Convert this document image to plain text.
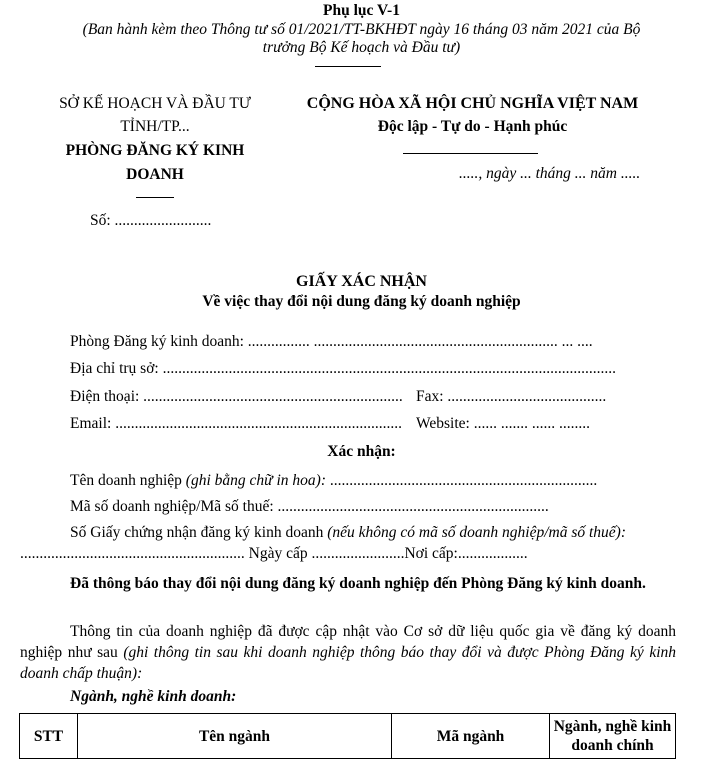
Phụ lục V-1
(Ban hành kèm theo Thông tư số 01/2021/TT-BKHĐT ngày 16 tháng 03 năm 2021 của Bộ
trưởng Bộ Kế hoạch và Đầu tư)
SỞ KẾ HOẠCH VÀ ĐẦU TƯ
TỈNH/TP...
PHÒNG ĐĂNG KÝ KINH
DOANH
Số: .........................
CỘNG HÒA XÃ HỘI CHỦ NGHĨA VIỆT NAM
Độc lập - Tự do - Hạnh phúc
....., ngày ... tháng ... năm .....
GIẤY XÁC NHẬN
Về việc thay đổi nội dung đăng ký doanh nghiệp
Phòng Đăng ký kinh doanh: ................ ............................................................... ... ....
Địa chỉ trụ sở: .....................................................................................................................
Điện thoại: ................................................................... Fax: .........................................
Email: .......................................................................... Website: ...... ....... ...... ........
Xác nhận:
Tên doanh nghiệp (ghi bằng chữ in hoa): .....................................................................
Mã số doanh nghiệp/Mã số thuế: ......................................................................
Số Giấy chứng nhận đăng ký kinh doanh (nếu không có mã số doanh nghiệp/mã số thuế):
.......................................................... Ngày cấp ........................Nơi cấp:..................
Đã thông báo thay đổi nội dung đăng ký doanh nghiệp đến Phòng Đăng ký kinh doanh.
Thông tin của doanh nghiệp đã được cập nhật vào Cơ sở dữ liệu quốc gia về đăng ký doanh nghiệp như sau (ghi thông tin sau khi doanh nghiệp thông báo thay đổi và được Phòng Đăng ký kinh doanh chấp thuận):
Ngành, nghề kinh doanh:
STT	Tên ngành	Mã ngành	Ngành, nghề kinh doanh chính
